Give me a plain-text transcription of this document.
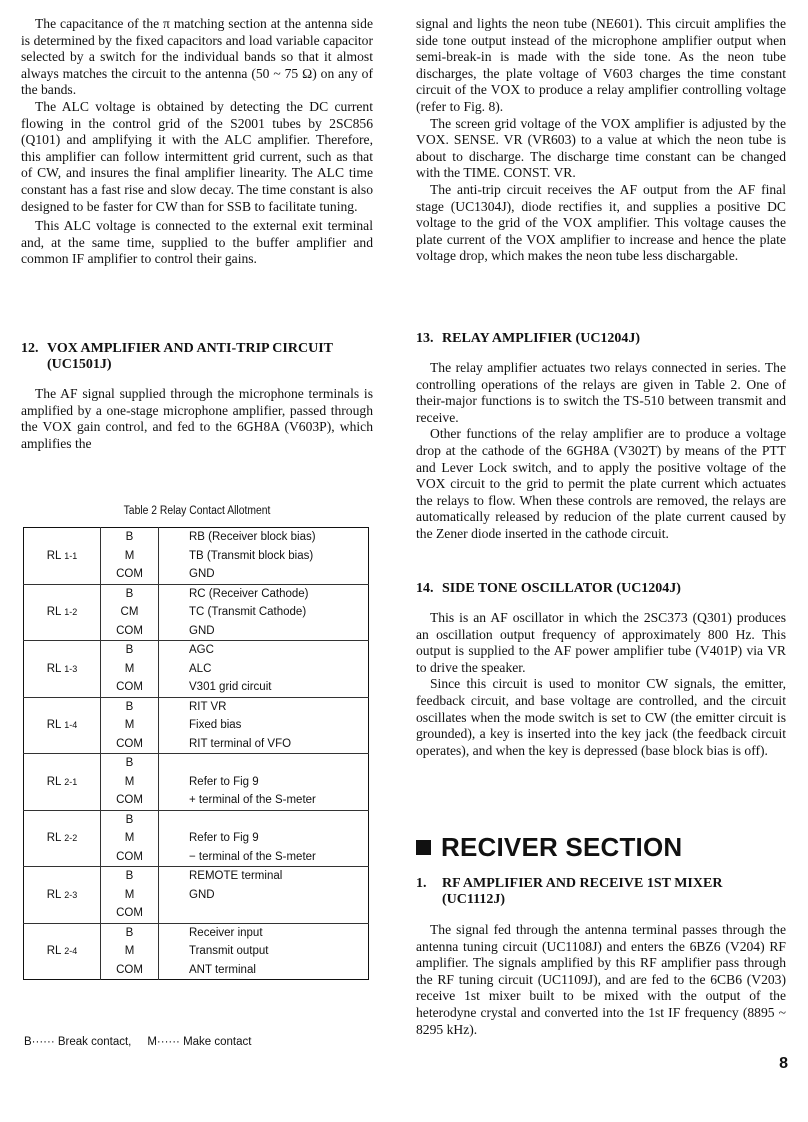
The capacitance of the π matching section at the antenna side is determined by the fixed capacitors and load variable capacitor selected by a switch for the individual bands so that it almost always matches the circuit to the antenna (50 ~ 75 Ω) on any of the bands.

The ALC voltage is obtained by detecting the DC current flowing in the control grid of the S2001 tubes by 2SC856 (Q101) and amplifying it with the ALC amplifier. Therefore, this amplifier can follow intermittent grid current, such as that of CW, and insures the final amplifier linearity. The ALC time constant has a fast rise and slow decay. The time constant is also designed to be faster for CW than for SSB to facilitate tuning.

This ALC voltage is connected to the external exit terminal and, at the same time, supplied to the buffer amplifier and common IF amplifier to control their gains.

12. VOX AMPLIFIER AND ANTI-TRIP CIRCUIT (UC1501J)

The AF signal supplied through the microphone terminals is amplified by a one-stage microphone amplifier, passed through the VOX gain control, and fed to the 6GH8A (V603P), which amplifies the

Table 2 Relay Contact Allotment
RL 1-1	B	RB (Receiver block bias)
	M	TB (Transmit block bias)
	COM	GND
RL 1-2	B	RC (Receiver Cathode)
	CM	TC (Transmit Cathode)
	COM	GND
RL 1-3	B	AGC
	M	ALC
	COM	V301 grid circuit
RL 1-4	B	RIT VR
	M	Fixed bias
	COM	RIT terminal of VFO
RL 2-1	B	
	M	Refer to Fig 9
	COM	+ terminal of the S-meter
RL 2-2	B	
	M	Refer to Fig 9
	COM	− terminal of the S-meter
RL 2-3	B	REMOTE terminal
	M	GND
	COM	
RL 2-4	B	Receiver input
	M	Transmit output
	COM	ANT terminal
B······ Break contact,     M······ Make contact

signal and lights the neon tube (NE601). This circuit amplifies the side tone output instead of the microphone amplifier output when semi-break-in is made with the side tone. As the neon tube discharges, the plate voltage of V603 charges the time constant circuit of the VOX to produce a relay amplifier controlling voltage (refer to Fig. 8).

The screen grid voltage of the VOX amplifier is adjusted by the VOX. SENSE. VR (VR603) to a value at which the neon tube is about to discharge. The discharge time constant can be changed with the TIME. CONST. VR.

The anti-trip circuit receives the AF output from the AF final stage (UC1304J), diode rectifies it, and supplies a positive DC voltage to the grid of the VOX amplifier. This voltage causes the plate current of the VOX amplifier to increase and hence the plate voltage drop, which makes the neon tube less dischargable.

13. RELAY AMPLIFIER (UC1204J)

The relay amplifier actuates two relays connected in series. The controlling operations of the relays are given in Table 2. One of their-major functions is to switch the TS-510 between transmit and receive.

Other functions of the relay amplifier are to produce a voltage drop at the cathode of the 6GH8A (V302T) by means of the PTT and Lever Lock switch, and to apply the positive voltage of the VOX circuit to the grid to permit the plate current which actuates the relays to flow. When these controls are removed, the relays are automatically released by reducion of the plate current caused by the Zener diode inserted in the cathode circuit.

14. SIDE TONE OSCILLATOR (UC1204J)

This is an AF oscillator in which the 2SC373 (Q301) produces an oscillation output frequency of approximately 800 Hz. This output is supplied to the AF power amplifier tube (V401P) via VR to drive the speaker.

Since this circuit is used to monitor CW signals, the emitter, feedback circuit, and base voltage are controlled, and the circuit oscillates when the mode switch is set to CW (the emitter circuit is grounded), a key is inserted into the key jack (the feedback circuit operates), and when the key is depressed (base block bias is off).

RECIVER SECTION
1.	RF AMPLIFIER AND RECEIVE 1ST MIXER (UC1112J)

The signal fed through the antenna terminal passes through the antenna tuning circuit (UC1108J) and enters the 6BZ6 (V204) RF amplifier. The signals amplified by this RF amplifier pass through the RF tuning circuit (UC1109J), and are fed to the 6CB6 (V203) receive 1st mixer built to be mixed with the output of the heterodyne crystal and converted into the 1st IF frequency (8895 ~ 8295 kHz).

8
